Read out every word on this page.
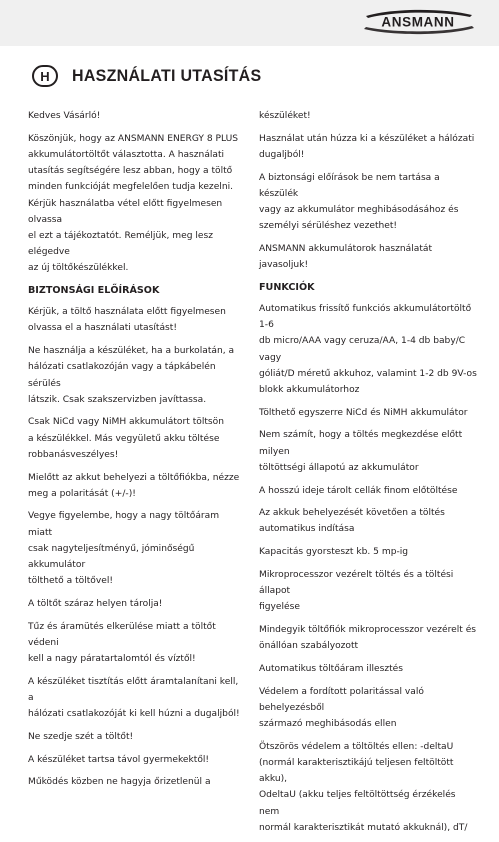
ANSMANN
H	HASZNÁLATI UTASÍTÁS
Kedves Vásárló!
Köszönjük, hogy az ANSMANN ENERGY 8 PLUS
akkumulátortöltőt választotta. A használati
utasítás segítségére lesz abban, hogy a töltő
minden funkcióját megfelelően tudja kezelni.
Kérjük használatba vétel előtt figyelmesen olvassa
el ezt a tájékoztatót. Reméljük, meg lesz elégedve
az új töltőkészülékkel.
BIZTONSÁGI ELŐÍRÁSOK
Kérjük, a töltő használata előtt figyelmesen
olvassa el a használati utasítást!
Ne használja a készüléket, ha a burkolatán, a
hálózati csatlakozóján vagy a tápkábelén sérülés
látszik. Csak szakszervizben javíttassa.
Csak NiCd vagy NiMH akkumulátort töltsön
a készülékkel. Más vegyületű akku töltése
robbanásveszélyes!
Mielőtt az akkut behelyezi a töltőfiókba, nézze
meg a polaritását (+/-)!
Vegye figyelembe, hogy a nagy töltőáram miatt
csak nagyteljesítményű, jóminőségű akkumulátor
tölthető a töltővel!
A töltőt száraz helyen tárolja!
Tűz és áramütés elkerülése miatt a töltőt védeni
kell a nagy páratartalomtól és víztől!
A készüléket tisztítás előtt áramtalanítani kell, a
hálózati csatlakozóját ki kell húzni a dugaljból!
Ne szedje szét a töltőt!
A készüléket tartsa távol gyermekektől!
Működés közben ne hagyja őrizetlenül a
készüléket!
Használat után húzza ki a készüléket a hálózati
dugaljból!
A biztonsági előírások be nem tartása a készülék
vagy az akkumulátor meghibásodásához és
személyi sérüléshez vezethet!
ANSMANN akkumulátorok használatát javasoljuk!
FUNKCIÓK
Automatikus frissítő funkciós akkumulátortöltő 1-6
db micro/AAA vagy ceruza/AA, 1-4 db baby/C vagy
góliát/D méretű akkuhoz, valamint 1-2 db 9V-os
blokk akkumulátorhoz
Tölthető egyszerre NiCd és NiMH akkumulátor
Nem számít, hogy a töltés megkezdése előtt milyen
töltöttségi állapotú az akkumulátor
A hosszú ideje tárolt cellák finom előtöltése
Az akkuk behelyezését követően a töltés
automatikus indítása
Kapacitás gyorsteszt kb. 5 mp-ig
Mikroprocesszor vezérelt töltés és a töltési állapot
figyelése
Mindegyik töltőfiók mikroprocesszor vezérelt és
önállóan szabályozott
Automatikus töltőáram illesztés
Védelem a fordított polaritással való behelyezésből
származó meghibásodás ellen
Ötszörös védelem a töltöltés ellen: -deltaU
(normál karakterisztikájú teljesen feltöltött akku),
OdeltaU (akku teljes feltöltöttség érzékelés nem
normál karakterisztikát mutató akkuknál), dT/
